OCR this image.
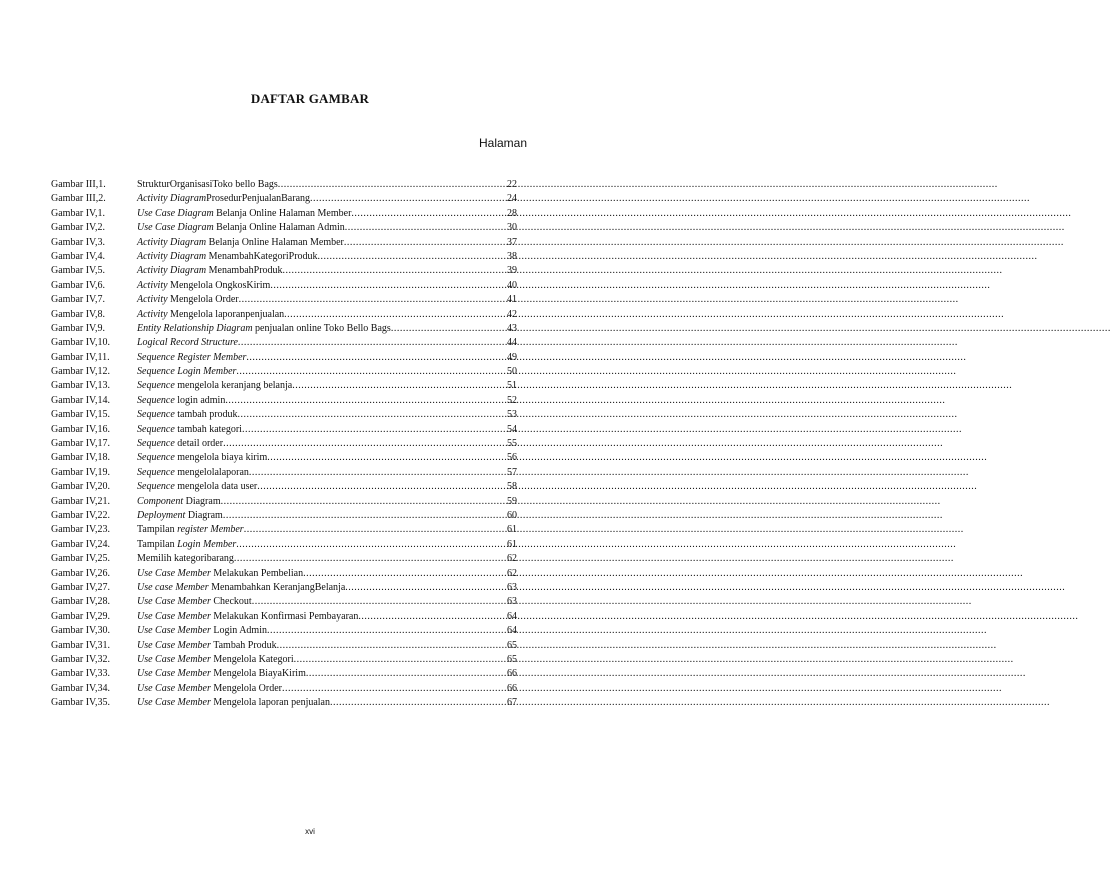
DAFTAR GAMBAR
Halaman
Gambar III,1.	StrukturOrganisasiToko bello Bags .....	22
Gambar III,2.	Activity DiagramProsedurPenjualanBarang .....	24
Gambar IV,1.	Use Case Diagram Belanja Online Halaman Member .....	28
Gambar IV,2.	Use Case Diagram Belanja Online Halaman Admin .....	30
Gambar IV,3.	Activity Diagram Belanja Online Halaman Member .....	37
Gambar IV,4.	Activity Diagram MenambahKategoriProduk .....	38
Gambar IV,5.	Activity Diagram MenambahProduk .....	39
Gambar IV,6.	Activity Mengelola OngkosKirim .....	40
Gambar IV,7.	Activity Mengelola Order .....	41
Gambar IV,8.	Activity Mengelola laporanpenjualan .....	42
Gambar IV,9.	Entity Relationship Diagram penjualan online Toko Bello Bags .....	43
Gambar IV,10.	Logical Record Structure .....	44
Gambar IV,11.	Sequence Register Member .....	49
Gambar IV,12.	Sequence Login Member .....	50
Gambar IV,13.	Sequence mengelola keranjang belanja .....	51
Gambar IV,14.	Sequence login admin .....	52
Gambar IV,15.	Sequence tambah produk .....	53
Gambar IV,16.	Sequence tambah kategori .....	54
Gambar IV,17.	Sequence detail order .....	55
Gambar IV,18.	Sequence mengelola biaya kirim .....	56
Gambar IV,19.	Sequence mengelolalaporan .....	57
Gambar IV,20.	Sequence mengelola data user .....	58
Gambar IV,21.	Component Diagram .....	59
Gambar IV,22.	Deployment Diagram .....	60
Gambar IV,23.	Tampilan register Member .....	61
Gambar IV,24.	Tampilan Login Member .....	61
Gambar IV,25.	Memilih kategoribarang .....	62
Gambar IV,26.	Use Case Member Melakukan Pembelian .....	62
Gambar IV,27.	Use case Member Menambahkan KeranjangBelanja .....	63
Gambar IV,28.	Use Case Member Checkout .....	63
Gambar IV,29.	Use Case Member Melakukan Konfirmasi Pembayaran .....	64
Gambar IV,30.	Use Case Member Login Admin .....	64
Gambar IV,31.	Use Case Member Tambah Produk .....	65
Gambar IV,32.	Use Case Member Mengelola Kategori .....	65
Gambar IV,33.	Use Case Member Mengelola BiayaKirim .....	66
Gambar IV,34.	Use Case Member Mengelola Order .....	66
Gambar IV,35.	Use Case Member Mengelola laporan penjualan .....	67
xvi
